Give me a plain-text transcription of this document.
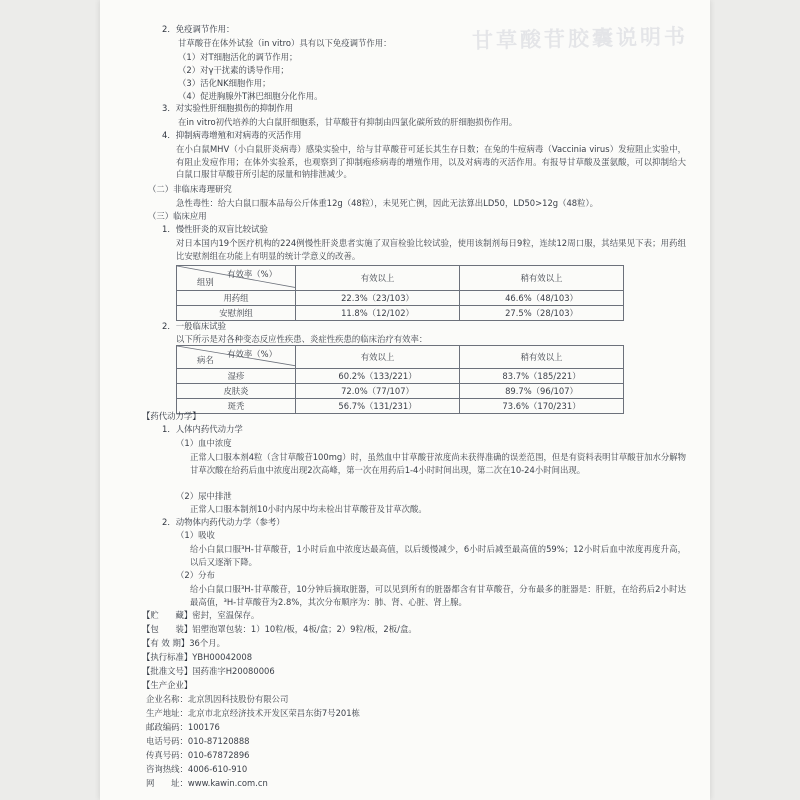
甘草酸苷胶囊说明书
2．免疫调节作用：
甘草酸苷在体外试验（in vitro）具有以下免疫调节作用：
（1）对T细胞活化的调节作用；
（2）对γ干扰素的诱导作用；
（3）活化NK细胞作用；
（4）促进胸腺外T淋巴细胞分化作用。
3．对实验性肝细胞损伤的抑制作用
在in vitro初代培养的大白鼠肝细胞系，甘草酸苷有抑制由四氯化碳所致的肝细胞损伤作用。
4．抑制病毒增殖和对病毒的灭活作用
在小白鼠MHV（小白鼠肝炎病毒）感染实验中，给与甘草酸苷可延长其生存日数；在兔的牛痘病毒（Vaccinia virus）发痘阻止实验中，有阻止发痘作用；在体外实验系，也观察到了抑制疱疹病毒的增殖作用，以及对病毒的灭活作用。有报导甘草酸及蛋氨酸，可以抑制给大白鼠口服甘草酸苷所引起的尿量和钠排泄减少。
（二）非临床毒理研究
急性毒性：给大白鼠口服本品每公斤体重12g（48粒），未见死亡例，因此无法算出LD50，LD50>12g（48粒）。
（三）临床应用
1．慢性肝炎的双盲比较试验
对日本国内19个医疗机构的224例慢性肝炎患者实施了双盲检验比较试验，使用该制剂每日9粒，连续12周口服，其结果见下表；用药组比安慰剂组在功能上有明显的统计学意义的改善。
有效率（%）
组别	有效以上	稍有效以上
用药组	22.3%（23/103）	46.6%（48/103）
安慰剂组	11.8%（12/102）	27.5%（28/103）
2．一般临床试验
以下所示是对各种变态反应性疾患、炎症性疾患的临床治疗有效率：
有效率（%）
病名	有效以上	稍有效以上
湿疹	60.2%（133/221）	83.7%（185/221）
皮肤炎	72.0%（77/107）	89.7%（96/107）
斑秃	56.7%（131/231）	73.6%（170/231）
【药代动力学】
1．人体内药代动力学
（1）血中浓度
正常人口服本剂4粒（含甘草酸苷100mg）时，虽然血中甘草酸苷浓度尚未获得准确的误差范围，但是有资料表明甘草酸苷加水分解物甘草次酸在给药后血中浓度出现2次高峰，第一次在用药后1-4小时时间出现，第二次在10-24小时间出现。
（2）尿中排泄
正常人口服本制剂10小时内尿中均未检出甘草酸苷及甘草次酸。
2．动物体内药代动力学（参考）
（1）吸收
给小白鼠口服³H-甘草酸苷，1小时后血中浓度达最高值，以后缓慢减少，6小时后减至最高值的59%；12小时后血中浓度再度升高，以后又逐渐下降。
（2）分布
给小白鼠口服³H-甘草酸苷，10分钟后摘取脏器，可以见到所有的脏器都含有甘草酸苷，分布最多的脏器是：肝脏，在给药后2小时达最高值，³H-甘草酸苷为2.8%，其次分布顺序为：肺、肾、心脏、肾上腺。
【贮　　藏】密封，室温保存。
【包　　装】铝塑泡罩包装：1）10粒/板，4板/盒；2）9粒/板，2板/盒。
【有 效 期】36个月。
【执行标准】YBH00042008
【批准文号】国药准字H20080006
【生产企业】
企业名称：北京凯因科技股份有限公司
生产地址：北京市北京经济技术开发区荣昌东街7号201栋
邮政编码：100176
电话号码：010-87120888
传真号码：010-67872896
咨询热线：4006-610-910
网　　址：www.kawin.com.cn
